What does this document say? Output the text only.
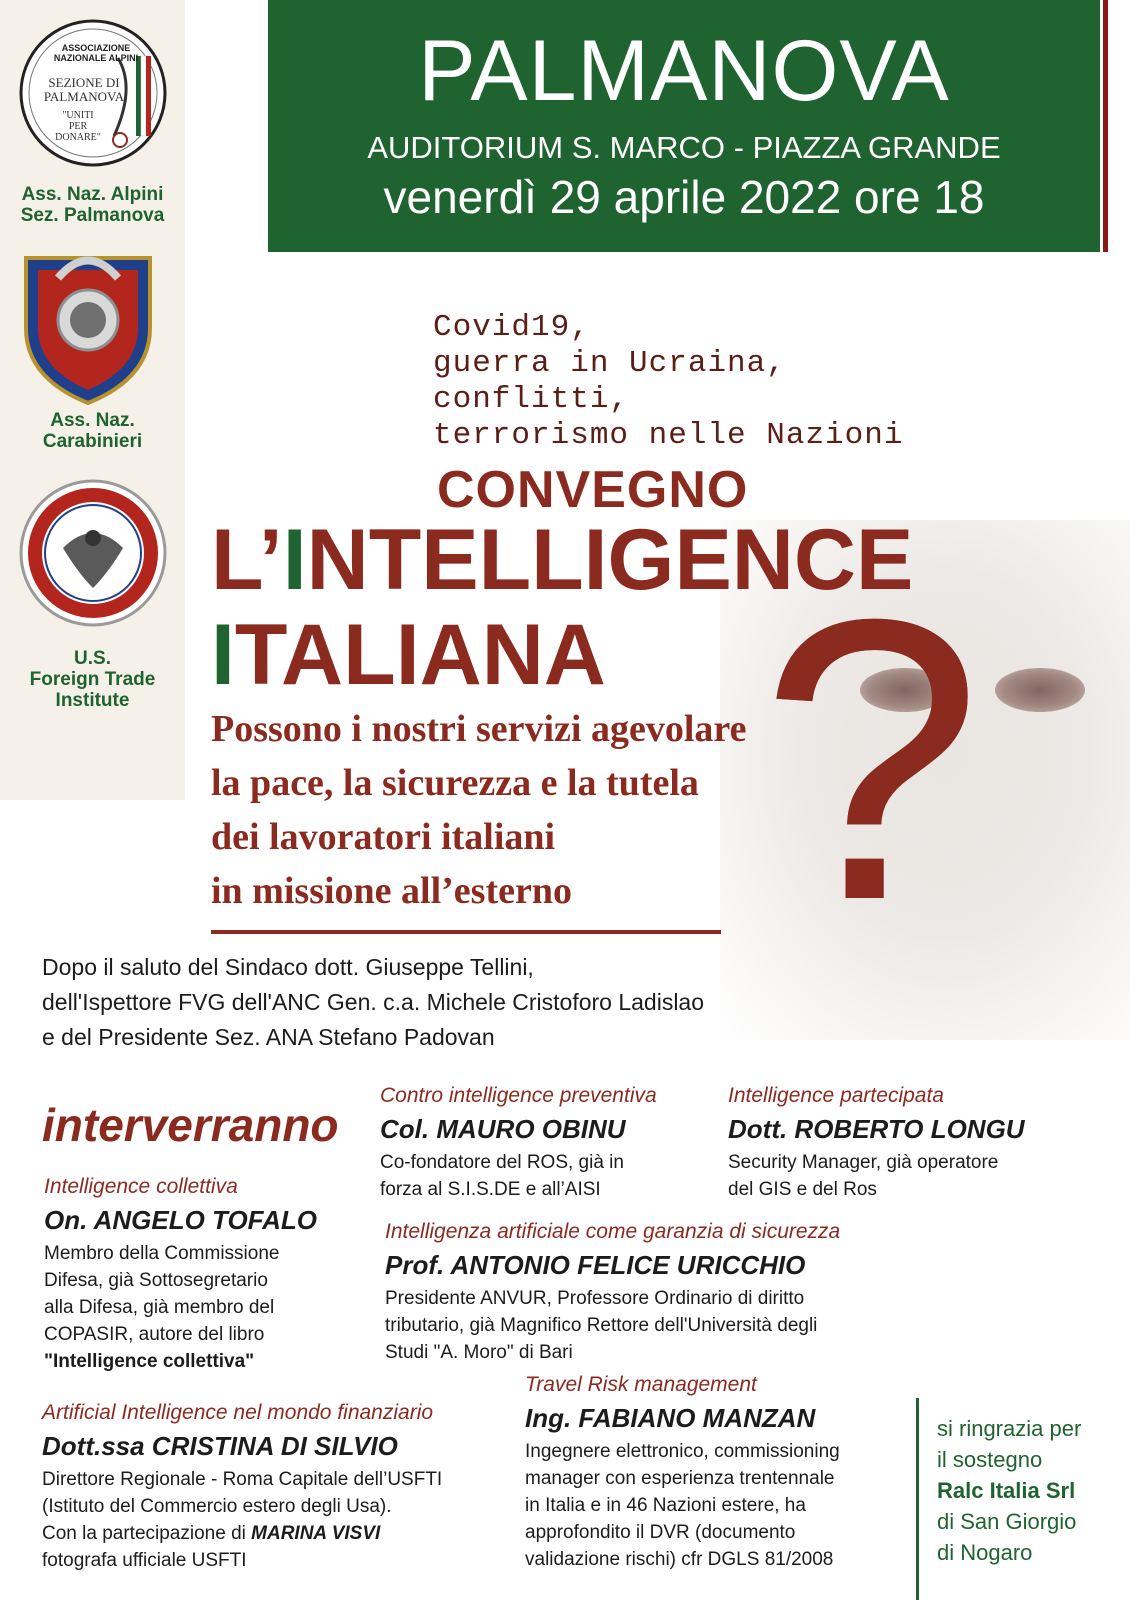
PALMANOVA
AUDITORIUM S. MARCO - PIAZZA GRANDE
venerdì 29 aprile 2022 ore 18
ASSOCIAZIONE
NAZIONALE ALPINI
SEZIONE DI
PALMANOVA
"UNITI
PER
DONARE"
Ass. Naz. Alpini
Sez. Palmanova
Ass. Naz.
Carabinieri
U.S.
Foreign Trade
Institute
Covid19,
guerra in Ucraina,
conflitti,
terrorismo nelle Nazioni
?
CONVEGNO
L’INTELLIGENCE
ITALIANA
Possono i nostri servizi agevolare
la pace, la sicurezza e la tutela
dei lavoratori italiani
in missione all’esterno
Dopo il saluto del Sindaco dott. Giuseppe Tellini,
dell'Ispettore FVG dell'ANC Gen. c.a. Michele Cristoforo Ladislao
e del Presidente Sez. ANA Stefano Padovan
interverranno
Intelligence collettiva
On. ANGELO TOFALO
Membro della Commissione
Difesa, già Sottosegretario
alla Difesa, già membro del
COPASIR, autore del libro
"Intelligence collettiva"
Contro intelligence preventiva
Col. MAURO OBINU
Co-fondatore del ROS, già in
forza al S.I.S.DE e all’AISI
Intelligence partecipata
Dott. ROBERTO LONGU
Security Manager, già operatore
del GIS e del Ros
Intelligenza artificiale come garanzia di sicurezza
Prof. ANTONIO FELICE URICCHIO
Presidente ANVUR, Professore Ordinario di diritto
tributario, già Magnifico Rettore dell'Università degli
Studi "A. Moro" di Bari
Artificial Intelligence nel mondo finanziario
Dott.ssa CRISTINA DI SILVIO
Direttore Regionale - Roma Capitale dell’USFTI
(Istituto del Commercio estero degli Usa).
Con la partecipazione di MARINA VISVI
fotografa ufficiale USFTI
Travel Risk management
Ing. FABIANO MANZAN
Ingegnere elettronico, commissioning
manager con esperienza trentennale
in Italia e in 46 Nazioni estere, ha
approfondito il DVR (documento
validazione rischi) cfr DGLS 81/2008
si ringrazia per
il sostegno
Ralc Italia Srl
di San Giorgio
di Nogaro
